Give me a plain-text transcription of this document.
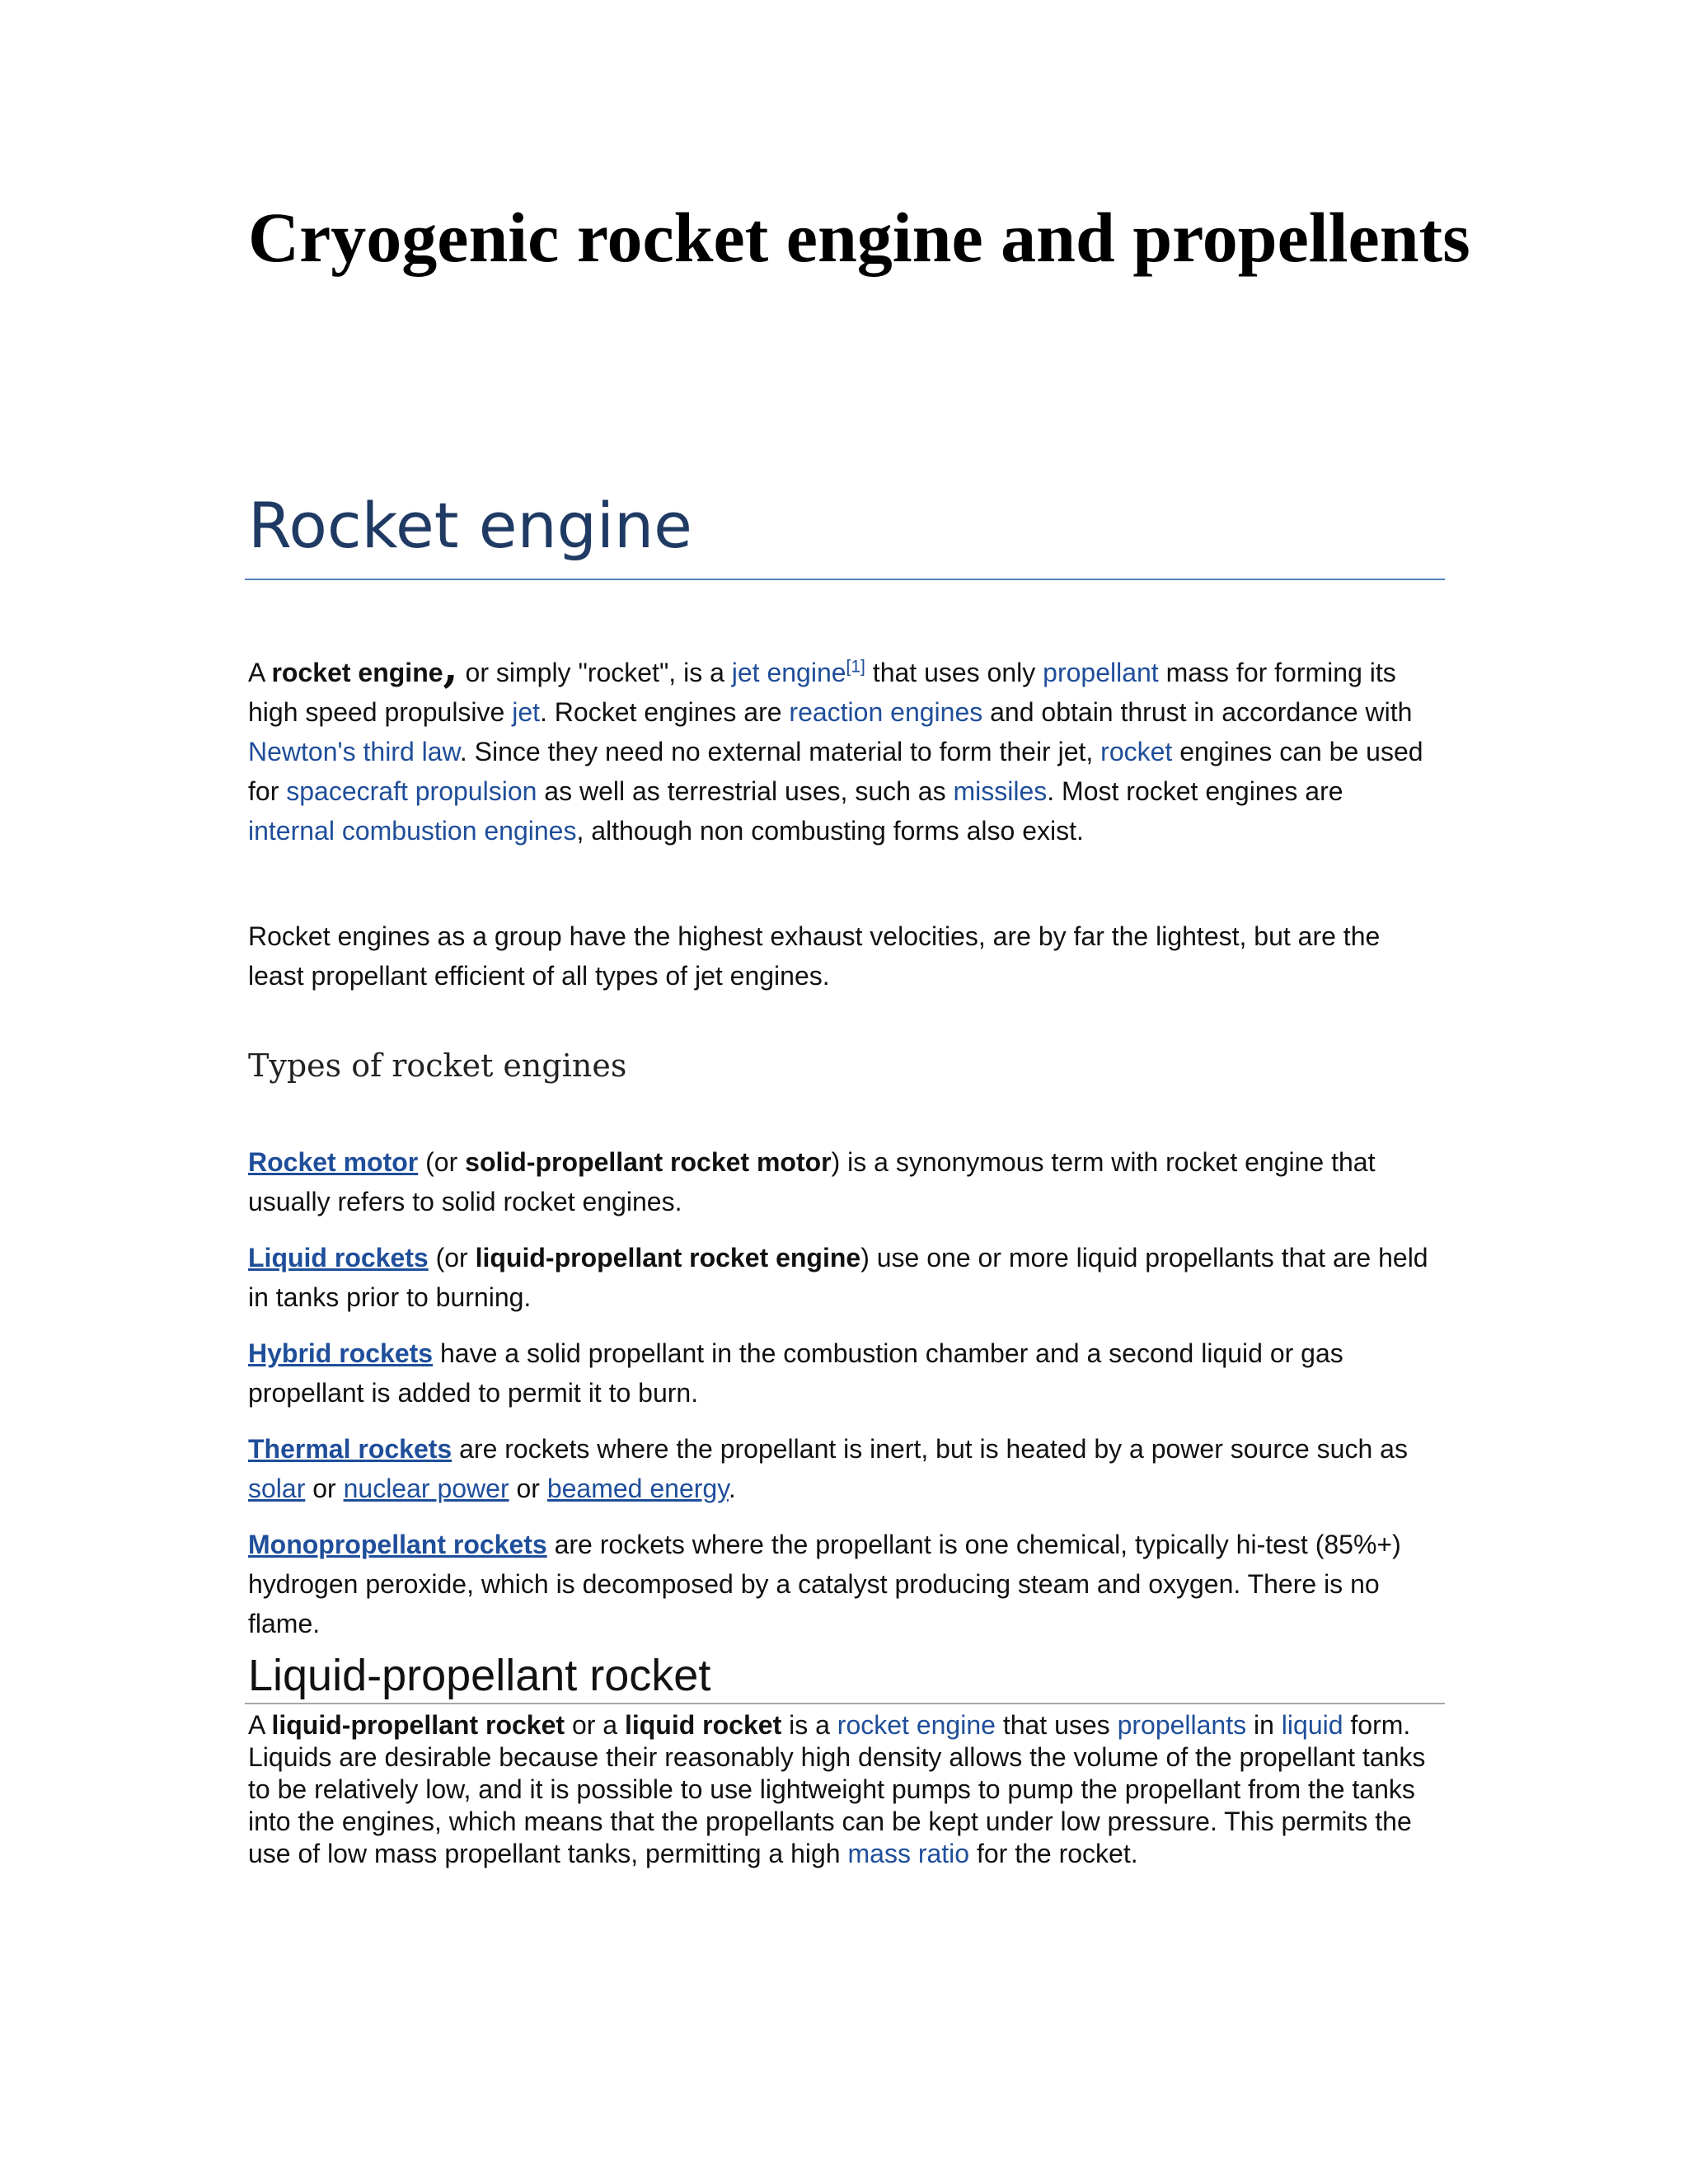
Cryogenic rocket engine and propellents
Rocket engine

A rocket engine, or simply "rocket", is a jet engine[1] that uses only propellant mass for forming its high speed propulsive jet. Rocket engines are reaction engines and obtain thrust in accordance with Newton's third law. Since they need no external material to form their jet, rocket engines can be used for spacecraft propulsion as well as terrestrial uses, such as missiles. Most rocket engines are internal combustion engines, although non combusting forms also exist.

Rocket engines as a group have the highest exhaust velocities, are by far the lightest, but are the least propellant efficient of all types of jet engines.

Types of rocket engines

Rocket motor (or solid-propellant rocket motor) is a synonymous term with rocket engine that usually refers to solid rocket engines.

Liquid rockets (or liquid-propellant rocket engine) use one or more liquid propellants that are held in tanks prior to burning.

Hybrid rockets have a solid propellant in the combustion chamber and a second liquid or gas propellant is added to permit it to burn.

Thermal rockets are rockets where the propellant is inert, but is heated by a power source such as solar or nuclear power or beamed energy.

Monopropellant rockets are rockets where the propellant is one chemical, typically hi-test (85%+) hydrogen peroxide, which is decomposed by a catalyst producing steam and oxygen. There is no flame.

Liquid-propellant rocket

A liquid-propellant rocket or a liquid rocket is a rocket engine that uses propellants in liquid form. Liquids are desirable because their reasonably high density allows the volume of the propellant tanks to be relatively low, and it is possible to use lightweight pumps to pump the propellant from the tanks into the engines, which means that the propellants can be kept under low pressure. This permits the use of low mass propellant tanks, permitting a high mass ratio for the rocket.
